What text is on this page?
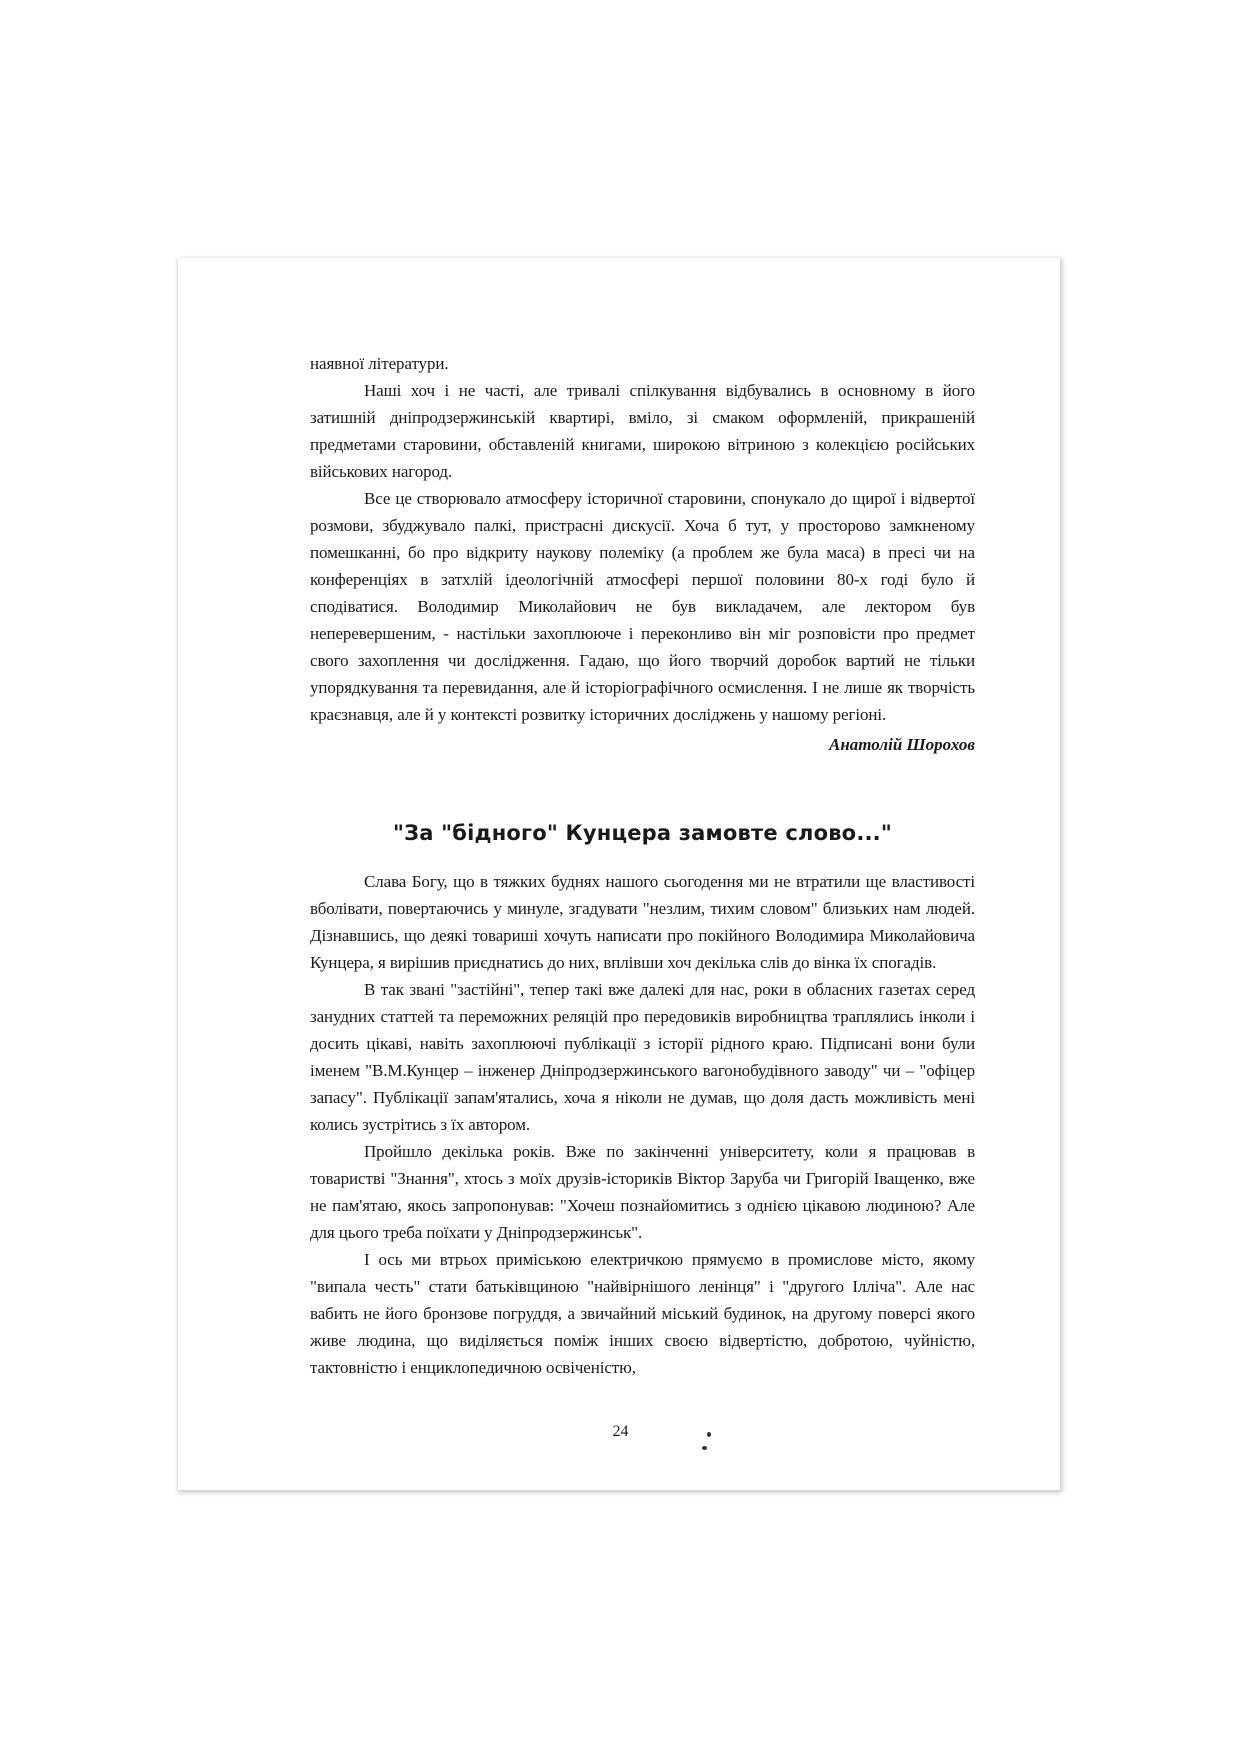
наявної літератури.

Наші хоч і не часті, але тривалі спілкування відбувались в основному в його затишній дніпродзержинській квартирі, вміло, зі смаком оформленій, прикрашеній предметами старовини, обставленій книгами, широкою вітриною з колекцією російських військових нагород.

Все це створювало атмосферу історичної старовини, спонукало до щирої і відвертої розмови, збуджувало палкі, пристрасні дискусії. Хоча б тут, у просторово замкненому помешканні, бо про відкриту наукову полеміку (а проблем же була маса) в пресі чи на конференціях в затхлій ідеологічній атмосфері першої половини 80-х годі було й сподіватися. Володимир Миколайович не був викладачем, але лектором був неперевершеним, - настільки захоплююче і переконливо він міг розповісти про предмет свого захоплення чи дослідження. Гадаю, що його творчий доробок вартий не тільки упорядкування та перевидання, але й історіографічного осмислення. І не лише як творчість краєзнавця, але й у контексті розвитку історичних досліджень у нашому регіоні.

Анатолій Шорохов
"За "бідного" Кунцера замовте слово..."

Слава Богу, що в тяжких буднях нашого сьогодення ми не втратили ще властивості вболівати, повертаючись у минуле, згадувати "незлим, тихим словом" близьких нам людей. Дізнавшись, що деякі товариші хочуть написати про покійного Володимира Миколайовича Кунцера, я вирішив приєднатись до них, вплівши хоч декілька слів до вінка їх спогадів.

В так звані "застійні", тепер такі вже далекі для нас, роки в обласних газетах серед занудних статтей та переможних реляцій про передовиків виробництва траплялись інколи і досить цікаві, навіть захоплюючі публікації з історії рідного краю. Підписані вони були іменем "В.М.Кунцер – інженер Дніпродзержинського вагонобудівного заводу" чи – "офіцер запасу". Публікації запам'ятались, хоча я ніколи не думав, що доля дасть можливість мені колись зустрітись з їх автором.

Пройшло декілька років. Вже по закінченні університету, коли я працював в товаристві "Знання", хтось з моїх друзів-істориків Віктор Заруба чи Григорій Іващенко, вже не пам'ятаю, якось запропонував: "Хочеш познайомитись з однією цікавою людиною? Але для цього треба поїхати у Дніпродзержинськ".

І ось ми втрьох приміською електричкою прямуємо в промислове місто, якому "випала честь" стати батьківщиною "найвірнішого ленінця" і "другого Ілліча". Але нас вабить не його бронзове погруддя, а звичайний міський будинок, на другому поверсі якого живе людина, що виділяється поміж інших своєю відвертістю, добротою, чуйністю, тактовністю і енциклопедичною освіченістю,

24
